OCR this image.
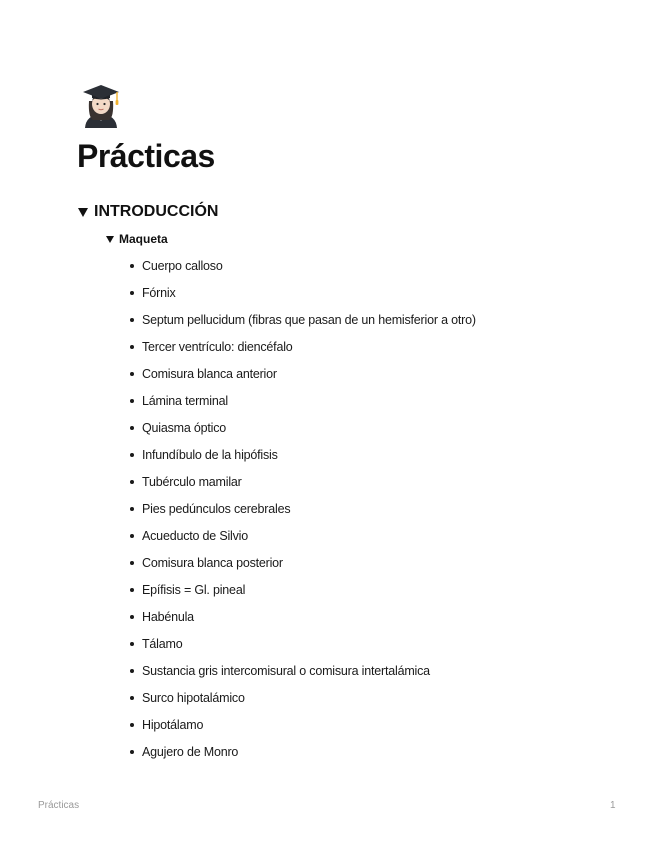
Prácticas
INTRODUCCIÓN
Maqueta
Cuerpo calloso
Fórnix
Septum pellucidum (fibras que pasan de un hemisferior a otro)
Tercer ventrículo: diencéfalo
Comisura blanca anterior
Lámina terminal
Quiasma óptico
Infundíbulo de la hipófisis
Tubérculo mamilar
Pies pedúnculos cerebrales
Acueducto de Silvio
Comisura blanca posterior
Epífisis = Gl. pineal
Habénula
Tálamo
Sustancia gris intercomisural o comisura intertalámica
Surco hipotalámico
Hipotálamo
Agujero de Monro
Prácticas	1
